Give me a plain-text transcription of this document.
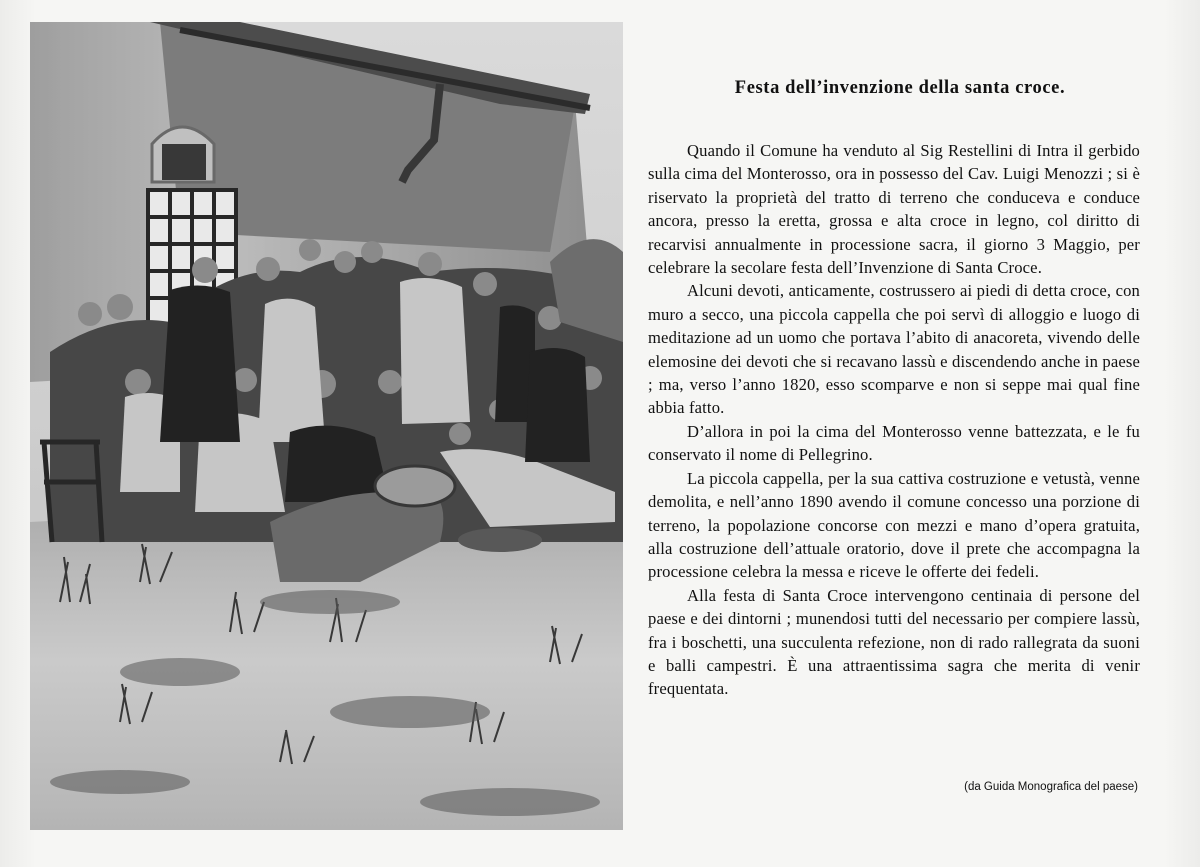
Festa dell’invenzione della santa croce.

Quando il Comune ha venduto al Sig Restellini di Intra il gerbido sulla cima del Monterosso, ora in possesso del Cav. Luigi Menozzi ; si è riservato la proprietà del tratto di terreno che conduceva e conduce ancora, presso la eretta, grossa e alta croce in legno, col diritto di recarvisi annualmente in processione sacra, il giorno 3 Maggio, per celebrare la secolare festa dell’Invenzione di Santa Croce.

Alcuni devoti, anticamente, costrussero ai piedi di detta croce, con muro a secco, una piccola cappella che poi servì di alloggio e luogo di meditazione ad un uomo che portava l’abito di anacoreta, vivendo delle elemosine dei devoti che si recavano lassù e discendendo anche in paese ; ma, verso l’anno 1820, esso scomparve e non si seppe mai qual fine abbia fatto.

D’allora in poi la cima del Monterosso venne battezzata, e le fu conservato il nome di Pellegrino.

La piccola cappella, per la sua cattiva costruzione e vetustà, venne demolita, e nell’anno 1890 avendo il comune concesso una porzione di terreno, la popolazione concorse con mezzi e mano d’opera gratuita, alla costruzione dell’attuale oratorio, dove il prete che accompagna la processione celebra la messa e riceve le offerte dei fedeli.

Alla festa di Santa Croce intervengono centinaia di persone del paese e dei dintorni ; munendosi tutti del necessario per compiere lassù, fra i boschetti, una succulenta refezione, non di rado rallegrata da suoni e balli campestri. È una attraentissima sagra che merita di venir frequentata.

(da Guida Monografica del paese)
